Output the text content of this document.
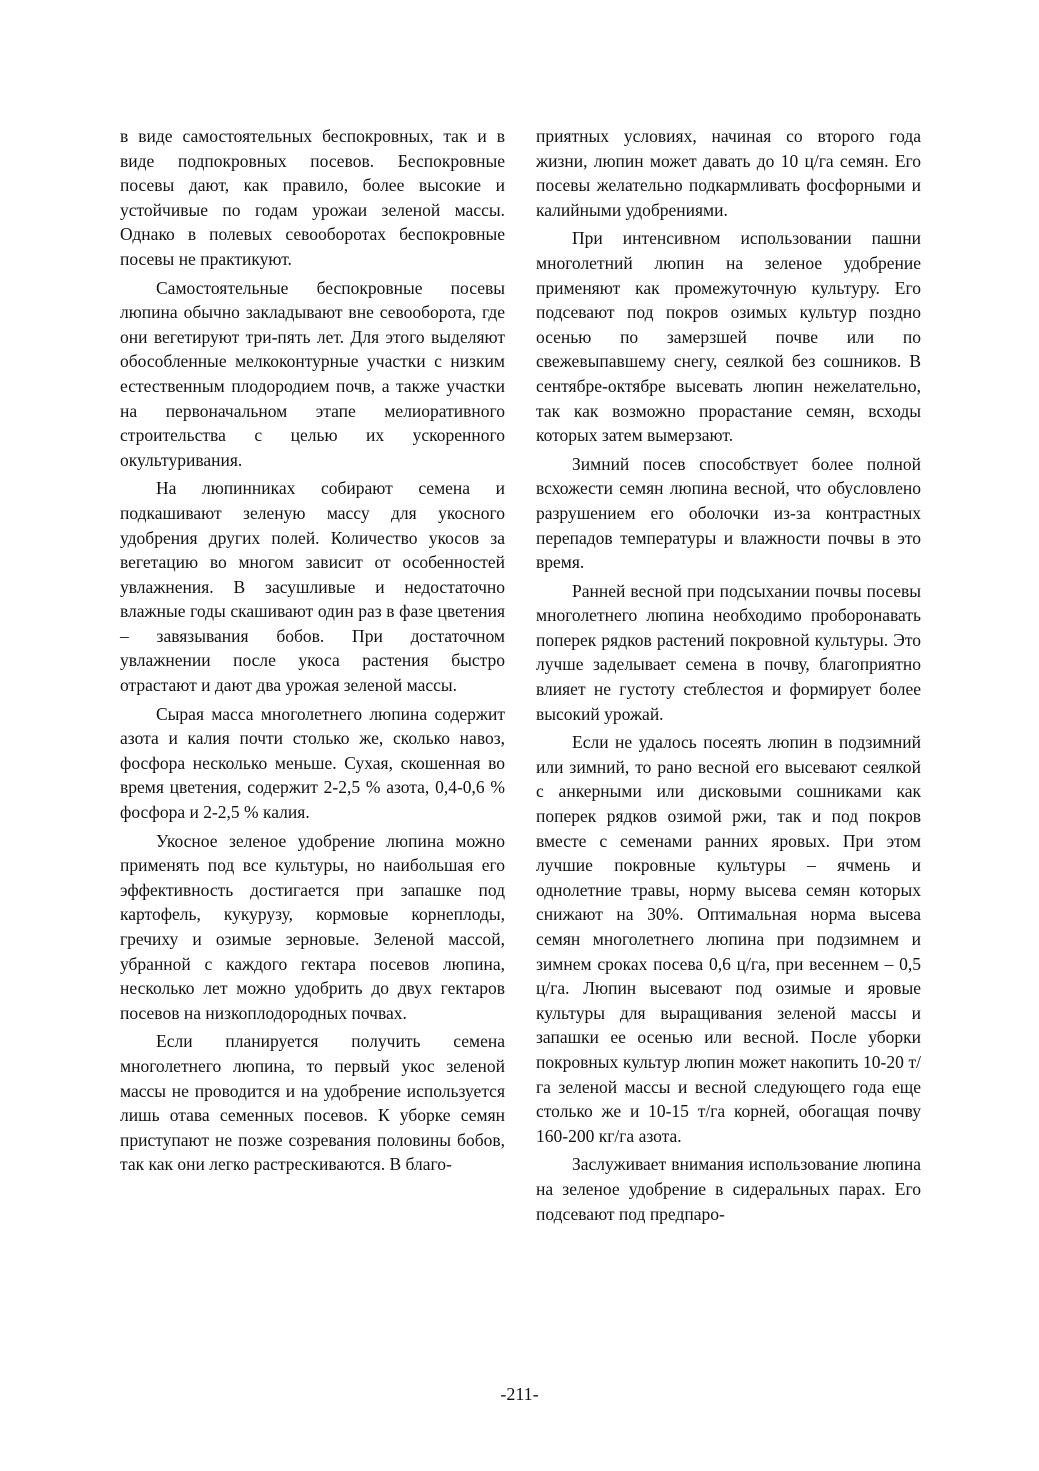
в виде самостоятельных беспокровных, так и в виде подпокровных посевов. Беспокровные посевы дают, как правило, более высокие и устойчивые по годам урожаи зеленой массы. Однако в полевых севооборотах беспокровные посевы не практикуют.

Самостоятельные беспокровные посевы люпина обычно закладывают вне севооборота, где они вегетируют три-пять лет. Для этого выделяют обособленные мелкоконтурные участки с низким естественным плодородием почв, а также участки на первоначальном этапе мелиоративного строительства с целью их ускоренного окультуривания.

На люпинниках собирают семена и подкашивают зеленую массу для укосного удобрения других полей. Количество укосов за вегетацию во многом зависит от особенностей увлажнения. В засушливые и недостаточно влажные годы скашивают один раз в фазе цветения – завязывания бобов. При достаточном увлажнении после укоса растения быстро отрастают и дают два урожая зеленой массы.

Сырая масса многолетнего люпина содержит азота и калия почти столько же, сколько навоз, фосфора несколько меньше. Сухая, скошенная во время цветения, содержит 2-2,5 % азота, 0,4-0,6 % фосфора и 2-2,5 % калия.

Укосное зеленое удобрение люпина можно применять под все культуры, но наибольшая его эффективность достигается при запашке под картофель, кукурузу, кормовые корнеплоды, гречиху и озимые зерновые. Зеленой массой, убранной с каждого гектара посевов люпина, несколько лет можно удобрить до двух гектаров посевов на низкоплодородных почвах.

Если планируется получить семена многолетнего люпина, то первый укос зеленой массы не проводится и на удобрение используется лишь отава семенных посевов. К уборке семян приступают не позже созревания половины бобов, так как они легко растрескиваются. В благо-

приятных условиях, начиная со второго года жизни, люпин может давать до 10 ц/га семян. Его посевы желательно подкармливать фосфорными и калийными удобрениями.

При интенсивном использовании пашни многолетний люпин на зеленое удобрение применяют как промежуточную культуру. Его подсевают под покров озимых культур поздно осенью по замерзшей почве или по свежевыпавшему снегу, сеялкой без сошников. В сентябре-октябре высевать люпин нежелательно, так как возможно прорастание семян, всходы которых затем вымерзают.

Зимний посев способствует более полной всхожести семян люпина весной, что обусловлено разрушением его оболочки из-за контрастных перепадов температуры и влажности почвы в это время.

Ранней весной при подсыхании почвы посевы многолетнего люпина необходимо проборонавать поперек рядков растений покровной культуры. Это лучше заделывает семена в почву, благоприятно влияет не густоту стеблестоя и формирует более высокий урожай.

Если не удалось посеять люпин в подзимний или зимний, то рано весной его высевают сеялкой с анкерными или дисковыми сошниками как поперек рядков озимой ржи, так и под покров вместе с семенами ранних яровых. При этом лучшие покровные культуры – ячмень и однолетние травы, норму высева семян которых снижают на 30%. Оптимальная норма высева семян многолетнего люпина при подзимнем и зимнем сроках посева 0,6 ц/га, при весеннем – 0,5 ц/га. Люпин высевают под озимые и яровые культуры для выращивания зеленой массы и запашки ее осенью или весной. После уборки покровных культур люпин может накопить 10-20 т/га зеленой массы и весной следующего года еще столько же и 10-15 т/га корней, обогащая почву 160-200 кг/га азота.

Заслуживает внимания использование люпина на зеленое удобрение в сидеральных парах. Его подсевают под предпаро-

-211-
